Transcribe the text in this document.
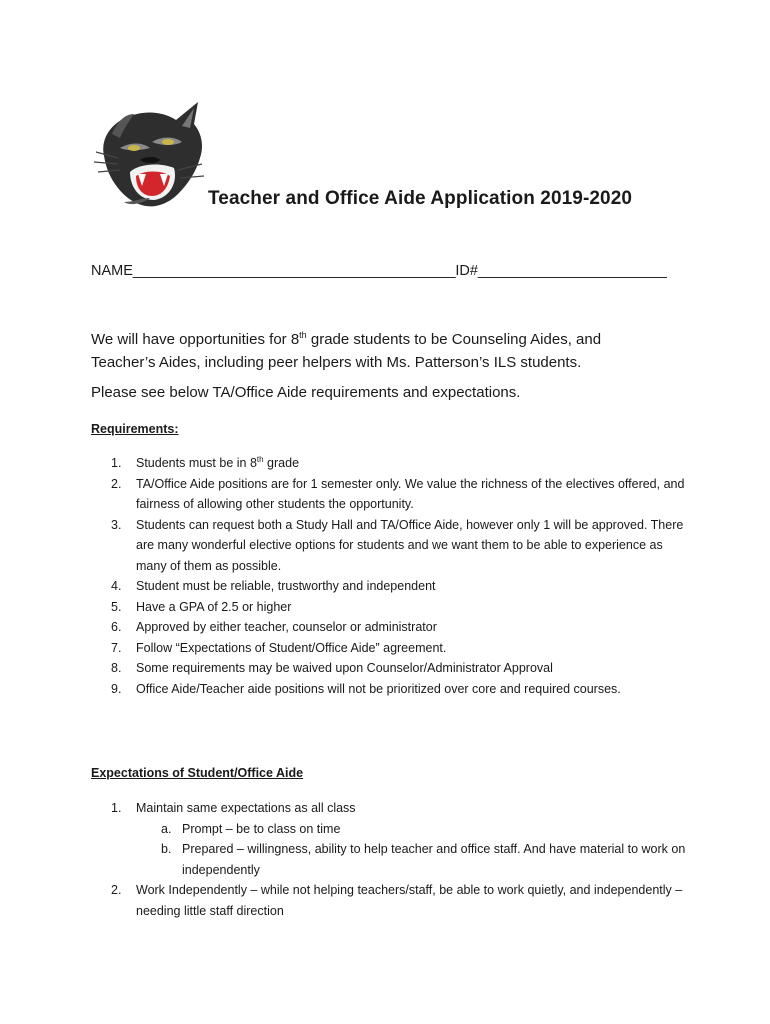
Teacher and Office Aide Application 2019-2020
NAME_________________________________________ID#________________________
We will have opportunities for 8th grade students to be Counseling Aides, and
Teacher’s Aides, including peer helpers with Ms. Patterson’s ILS students.
Please see below TA/Office Aide requirements and expectations.
Requirements:
1. Students must be in 8th grade
2. TA/Office Aide positions are for 1 semester only. We value the richness of the electives offered, and fairness of allowing other students the opportunity.
3. Students can request both a Study Hall and TA/Office Aide, however only 1 will be approved. There are many wonderful elective options for students and we want them to be able to experience as many of them as possible.
4. Student must be reliable, trustworthy and independent
5. Have a GPA of 2.5 or higher
6. Approved by either teacher, counselor or administrator
7. Follow “Expectations of Student/Office Aide” agreement.
8. Some requirements may be waived upon Counselor/Administrator Approval
9. Office Aide/Teacher aide positions will not be prioritized over core and required courses.
Expectations of Student/Office Aide
1. Maintain same expectations as all class
a. Prompt – be to class on time
b. Prepared – willingness, ability to help teacher and office staff. And have material to work on independently
2. Work Independently – while not helping teachers/staff, be able to work quietly, and independently – needing little staff direction
